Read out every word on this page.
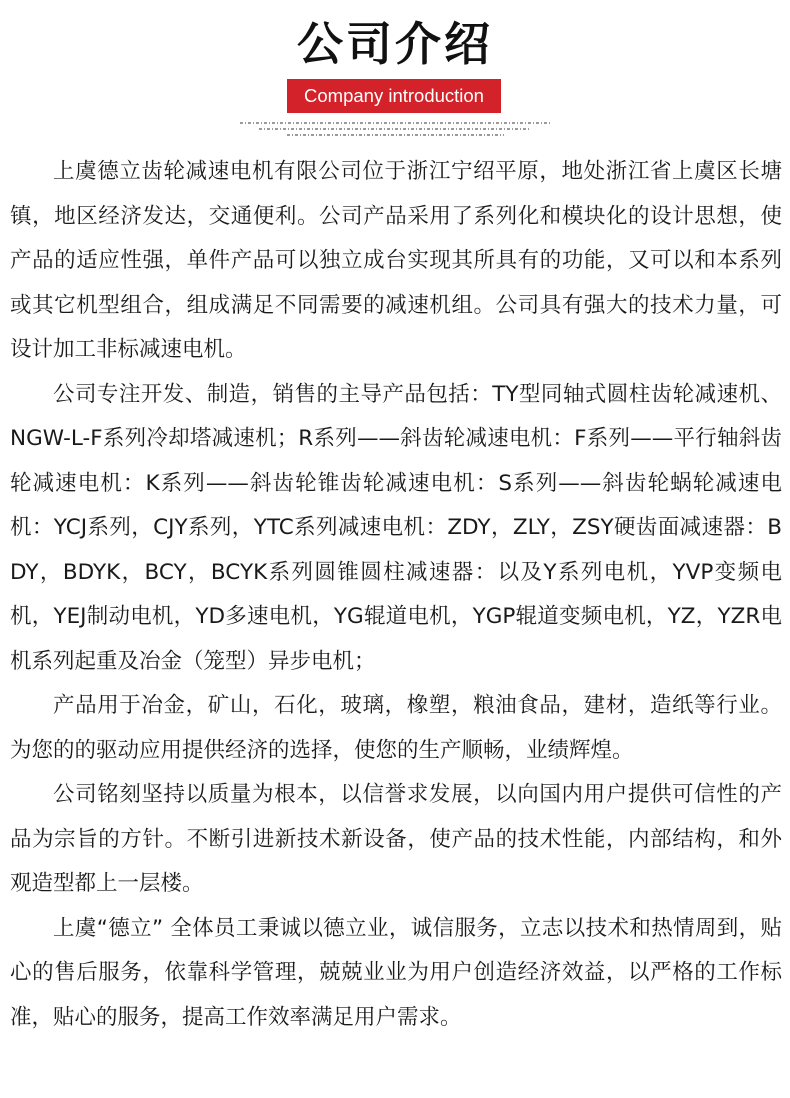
公司介绍
Company introduction

上虞德立齿轮减速电机有限公司位于浙江宁绍平原，地处浙江省上虞区长塘镇，地区经济发达，交通便利。公司产品采用了系列化和模块化的设计思想，使产品的适应性强，单件产品可以独立成台实现其所具有的功能，又可以和本系列或其它机型组合，组成满足不同需要的减速机组。公司具有强大的技术力量，可设计加工非标减速电机。

公司专注开发、制造，销售的主导产品包括：TY型同轴式圆柱齿轮减速机、NGW-L-F系列冷却塔减速机；R系列——斜齿轮减速电机：F系列——平行轴斜齿轮减速电机：K系列——斜齿轮锥齿轮减速电机：S系列——斜齿轮蜗轮减速电机：YCJ系列，CJY系列，YTC系列减速电机：ZDY，ZLY，ZSY硬齿面减速器：BDY，BDYK，BCY，BCYK系列圆锥圆柱减速器：以及Y系列电机，YVP变频电机，YEJ制动电机，YD多速电机，YG辊道电机，YGP辊道变频电机，YZ，YZR电机系列起重及冶金（笼型）异步电机；

产品用于冶金，矿山，石化，玻璃，橡塑，粮油食品，建材，造纸等行业。为您的的驱动应用提供经济的选择，使您的生产顺畅，业绩辉煌。

公司铭刻坚持以质量为根本，以信誉求发展，以向国内用户提供可信性的产品为宗旨的方针。不断引进新技术新设备，使产品的技术性能，内部结构，和外观造型都上一层楼。

上虞“德立” 全体员工秉诚以德立业，诚信服务，立志以技术和热情周到，贴心的售后服务，依靠科学管理，兢兢业业为用户创造经济效益，以严格的工作标准，贴心的服务，提高工作效率满足用户需求。
